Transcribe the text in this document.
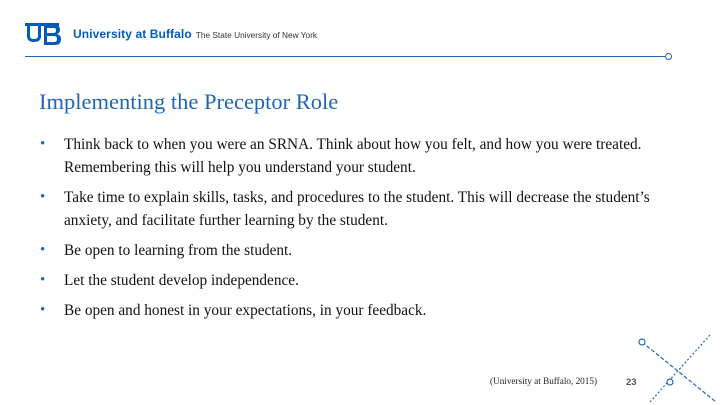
University at Buffalo The State University of New York
Implementing the Preceptor Role
• Think back to when you were an SRNA. Think about how you felt, and how you were treated. Remembering this will help you understand your student.
• Take time to explain skills, tasks, and procedures to the student. This will decrease the student’s anxiety, and facilitate further learning by the student.
• Be open to learning from the student.
• Let the student develop independence.
• Be open and honest in your expectations, in your feedback.
(University at Buffalo, 2015)	23
